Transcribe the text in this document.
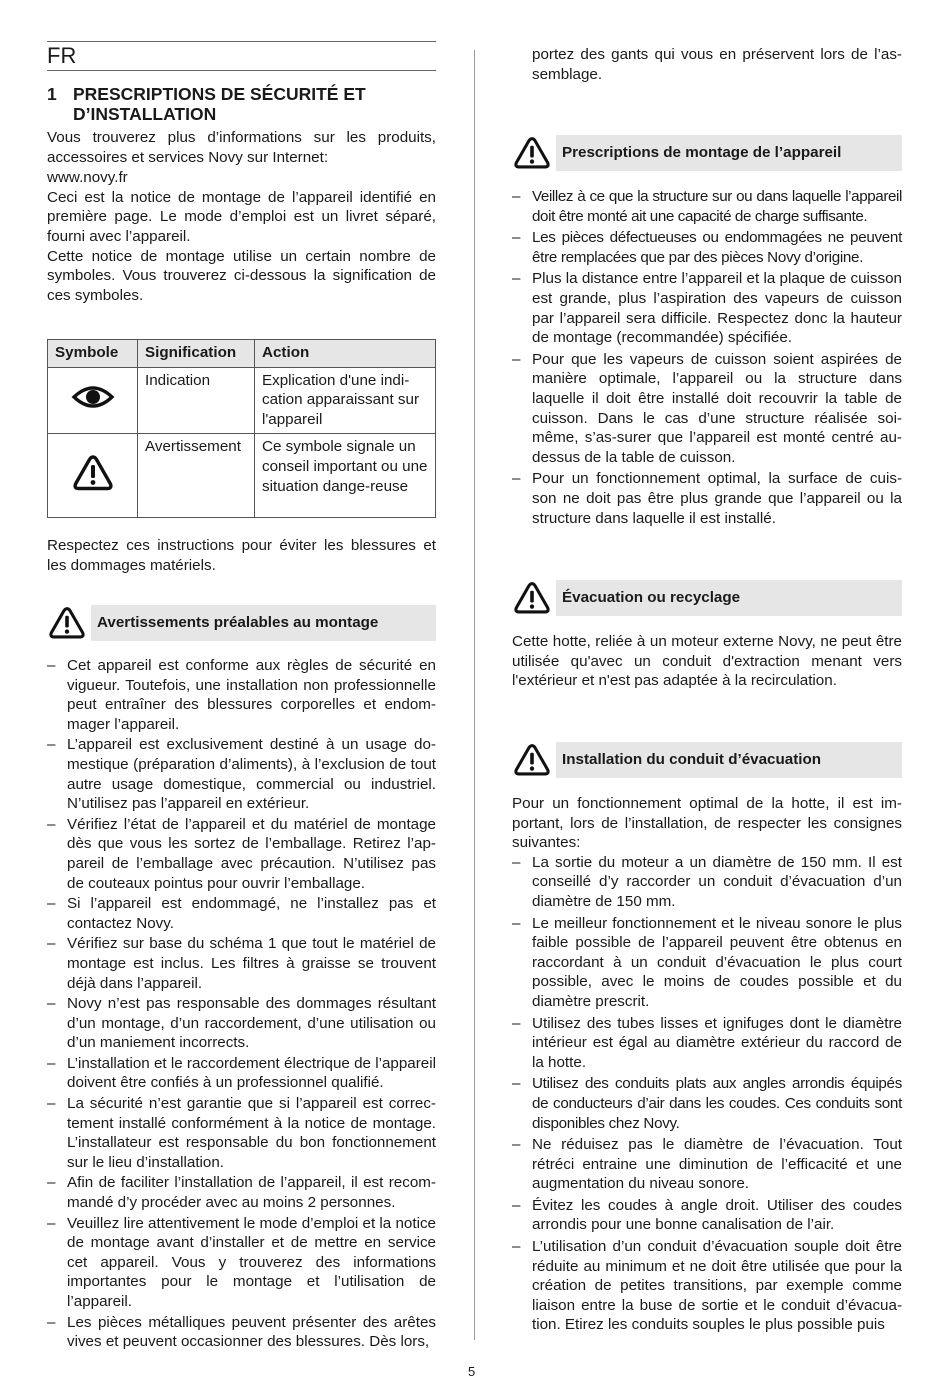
FR
1 PRESCRIPTIONS DE SÉCURITÉ ET
D’INSTALLATION

Vous trouverez plus d’informations sur les produits, accessoires et services Novy sur Internet:

www.novy.fr

Ceci est la notice de montage de l’appareil identifié en première page. Le mode d’emploi est un livret séparé, fourni avec l’appareil.

Cette notice de montage utilise un certain nombre de symboles. Vous trouverez ci-dessous la signification de ces symboles.

Symbole	Signification	Action
	Indication	Explication d'une indi-cation apparaissant sur l'appareil
	Avertissement	Ce symbole signale un conseil important ou une situation dange-reuse

Respectez ces instructions pour éviter les blessures et les dommages matériels.

Avertissements préalables au montage
– Cet appareil est conforme aux règles de sécurité en vigueur. Toutefois, une installation non professionnelle peut entraîner des blessures corporelles et endom-mager l’appareil.
– L’appareil est exclusivement destiné à un usage do-mestique (préparation d’aliments), à l’exclusion de tout autre usage domestique, commercial ou industriel. N’utilisez pas l’appareil en extérieur.
– Vérifiez l’état de l’appareil et du matériel de montage dès que vous les sortez de l’emballage. Retirez l’ap-pareil de l’emballage avec précaution. N’utilisez pas de couteaux pointus pour ouvrir l’emballage.
– Si l’appareil est endommagé, ne l’installez pas et contactez Novy.
– Vérifiez sur base du schéma 1 que tout le matériel de montage est inclus. Les filtres à graisse se trouvent déjà dans l’appareil.
– Novy n’est pas responsable des dommages résultant d’un montage, d’un raccordement, d’une utilisation ou d’un maniement incorrects.
– L’installation et le raccordement électrique de l’appareil doivent être confiés à un professionnel qualifié.
– La sécurité n’est garantie que si l’appareil est correc-tement installé conformément à la notice de montage. L’installateur est responsable du bon fonctionnement sur le lieu d’installation.
– Afin de faciliter l’installation de l’appareil, il est recom-mandé d’y procéder avec au moins 2 personnes.
– Veuillez lire attentivement le mode d’emploi et la notice de montage avant d’installer et de mettre en service cet appareil. Vous y trouverez des informations importantes pour le montage et l’utilisation de l’appareil.
– Les pièces métalliques peuvent présenter des arêtes vives et peuvent occasionner des blessures. Dès lors,

portez des gants qui vous en préservent lors de l’as-semblage.

Prescriptions de montage de l’appareil
– Veillez à ce que la structure sur ou dans laquelle l’appareil doit être monté ait une capacité de charge suffisante.
– Les pièces défectueuses ou endommagées ne peuvent être remplacées que par des pièces Novy d’origine.
– Plus la distance entre l’appareil et la plaque de cuisson est grande, plus l’aspiration des vapeurs de cuisson par l’appareil sera difficile. Respectez donc la hauteur de montage (recommandée) spécifiée.
– Pour que les vapeurs de cuisson soient aspirées de manière optimale, l’appareil ou la structure dans laquelle il doit être installé doit recouvrir la table de cuisson. Dans le cas d’une structure réalisée soi-même, s’as-surer que l’appareil est monté centré au-dessus de la table de cuisson.
– Pour un fonctionnement optimal, la surface de cuis-son ne doit pas être plus grande que l’appareil ou la structure dans laquelle il est installé.
Évacuation ou recyclage

Cette hotte, reliée à un moteur externe Novy, ne peut être utilisée qu'avec un conduit d'extraction menant vers l'extérieur et n'est pas adaptée à la recirculation.

Installation du conduit d’évacuation

Pour un fonctionnement optimal de la hotte, il est im-portant, lors de l’installation, de respecter les consignes suivantes:

– La sortie du moteur a un diamètre de 150 mm. Il est conseillé d’y raccorder un conduit d’évacuation d’un diamètre de 150 mm.
– Le meilleur fonctionnement et le niveau sonore le plus faible possible de l’appareil peuvent être obtenus en raccordant à un conduit d’évacuation le plus court possible, avec le moins de coudes possible et du diamètre prescrit.
– Utilisez des tubes lisses et ignifuges dont le diamètre intérieur est égal au diamètre extérieur du raccord de la hotte.
– Utilisez des conduits plats aux angles arrondis équipés de conducteurs d’air dans les coudes. Ces conduits sont disponibles chez Novy.
– Ne réduisez pas le diamètre de l’évacuation. Tout rétréci entraine une diminution de l’efficacité et une augmentation du niveau sonore.
– Évitez les coudes à angle droit. Utiliser des coudes arrondis pour une bonne canalisation de l’air.
– L’utilisation d’un conduit d’évacuation souple doit être réduite au minimum et ne doit être utilisée que pour la création de petites transitions, par exemple comme liaison entre la buse de sortie et le conduit d’évacua-tion. Etirez les conduits souples le plus possible puis
5
